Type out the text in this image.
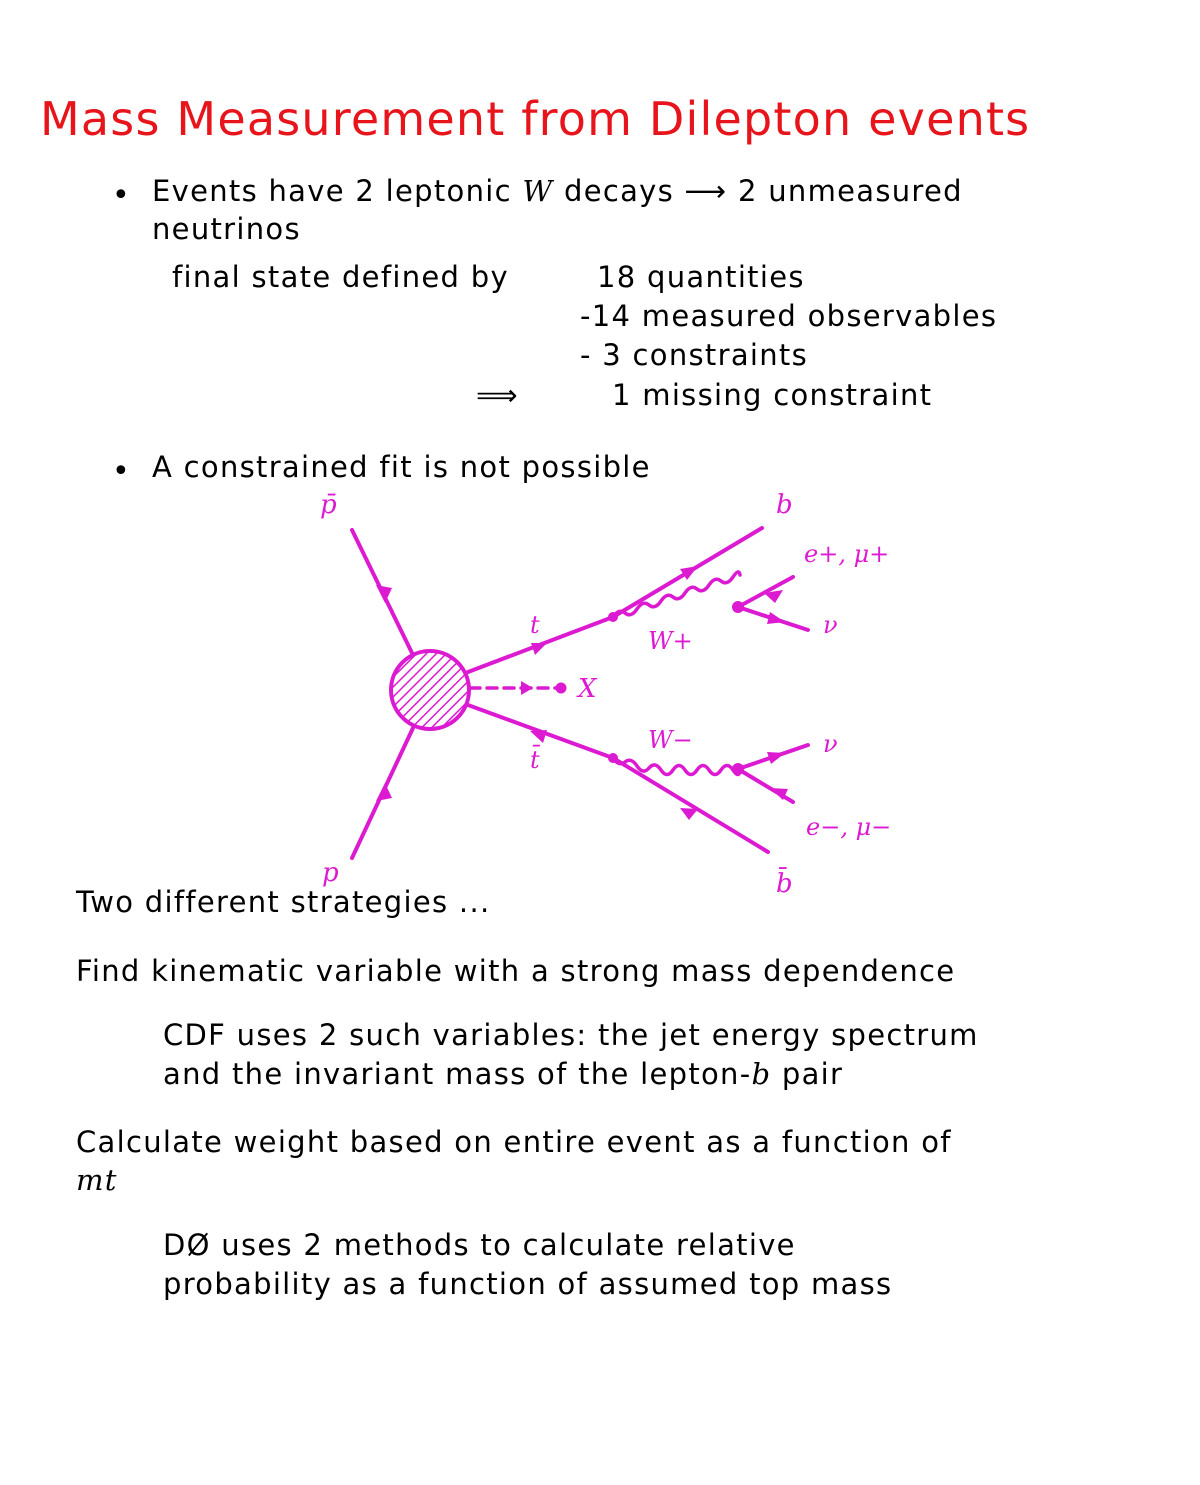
Mass Measurement from Dilepton events
• Events have 2 leptonic W decays ⟶ 2 unmeasured
neutrinos
final state defined by	18 quantities
-14 measured observables
- 3 constraints
⟹	1 missing constraint
• A constrained fit is not possible
p̄
p
t
t̄
b
b̄
W+
W−
e+, μ+
e−, μ−
ν
ν
X
Two different strategies ...
Find kinematic variable with a strong mass dependence
CDF uses 2 such variables: the jet energy spectrum
and the invariant mass of the lepton-b pair
Calculate weight based on entire event as a function of
mt
DØ uses 2 methods to calculate relative
probability as a function of assumed top mass
